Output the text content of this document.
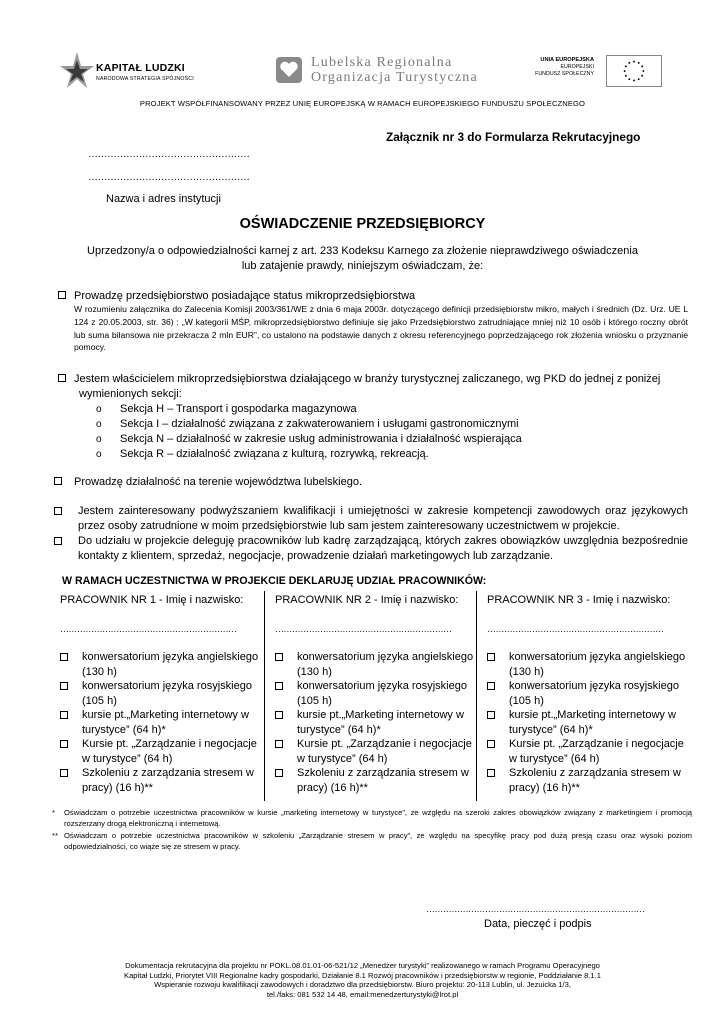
KAPITAŁ LUDZKI
NARODOWA STRATEGIA SPÓJNOŚCI
Lubelska Regionalna
Organizacja Turystyczna
UNIA EUROPEJSKA
EUROPEJSKI
FUNDUSZ SPOŁECZNY
PROJEKT WSPÓŁFINANSOWANY PRZEZ UNIĘ EUROPEJSKĄ W RAMACH EUROPEJSKIEGO FUNDUSZU SPOŁECZNEGO
Załącznik nr 3 do Formularza Rekrutacyjnego
……………………………………………
……………………………………………
Nazwa i adres instytucji
OŚWIADCZENIE PRZEDSIĘBIORCY
Uprzedzony/a o odpowiedzialności karnej z art. 233 Kodeksu Karnego za złożenie nieprawdziwego oświadczenia lub zatajenie prawdy, niniejszym oświadczam, że:
Prowadzę przedsiębiorstwo posiadające status mikroprzedsiębiorstwa
W rozumieniu załącznika do Zalecenia Komisji 2003/361/WE z dnia 6 maja 2003r. dotyczącego definicji przedsiębiorstw mikro, małych i średnich (Dz. Urz. UE L 124 z 20.05.2003, str. 36) : „W kategorii MŚP, mikroprzedsiębiorstwo definiuje się jako Przedsiębiorstwo zatrudniające mniej niż 10 osób i którego roczny obrót lub suma bilansowa nie przekracza 2 mln EUR”, co ustalono na podstawie danych z okresu referencyjnego poprzedzającego rok złożenia wniosku o przyznanie pomocy.
Jestem właścicielem mikroprzedsiębiorstwa działającego w branży turystycznej zaliczanego, wg PKD do jednej z poniżej
wymienionych sekcji:
o Sekcja H – Transport i gospodarka magazynowa
o Sekcja I – działalność związana z zakwaterowaniem i usługami gastronomicznymi
o Sekcja N – działalność w zakresie usług administrowania i działalność wspierająca
o Sekcja R – działalność związana z kulturą, rozrywką, rekreacją.
Prowadzę działalność na terenie województwa lubelskiego.
Jestem zainteresowany podwyższaniem kwalifikacji i umiejętności w zakresie kompetencji zawodowych oraz językowych przez osoby zatrudnione w moim przedsiębiorstwie lub sam jestem zainteresowany uczestnictwem w projekcie.
Do udziału w projekcie deleguję pracowników lub kadrę zarządzającą, których zakres obowiązków uwzględnia bezpośrednie kontakty z klientem, sprzedaż, negocjacje, prowadzenie działań marketingowych lub zarządzanie.
W RAMACH UCZESTNICTWA W PROJEKCIE DEKLARUJĘ UDZIAŁ PRACOWNIKÓW:
PRACOWNIK NR 1 - Imię i nazwisko:
………………………………………………………
konwersatorium języka angielskiego (130 h)
konwersatorium języka rosyjskiego (105 h)
kursie pt.„Marketing internetowy w turystyce” (64 h)*
Kursie pt. „Zarządzanie i negocjacje w turystyce” (64 h)
Szkoleniu z zarządzania stresem w pracy) (16 h)**
PRACOWNIK NR 2 - Imię i nazwisko:
………………………………………………………
konwersatorium języka angielskiego (130 h)
konwersatorium języka rosyjskiego (105 h)
kursie pt.„Marketing internetowy w turystyce” (64 h)*
Kursie pt. „Zarządzanie i negocjacje w turystyce” (64 h)
Szkoleniu z zarządzania stresem w pracy) (16 h)**
PRACOWNIK NR 3 - Imię i nazwisko:
………………………………………………………
konwersatorium języka angielskiego (130 h)
konwersatorium języka rosyjskiego (105 h)
kursie pt.„Marketing internetowy w turystyce” (64 h)*
Kursie pt. „Zarządzanie i negocjacje w turystyce” (64 h)
Szkoleniu z zarządzania stresem w pracy) (16 h)**
* Oświadczam o potrzebie uczestnictwa pracowników w kursie „marketing internetowy w turystyce”, ze względu na szeroki zakres obowiązków związany z marketingiem i promocją rozszerzany drogą elektroniczną i internetową.
** Oświadczam o potrzebie uczestnictwa pracowników w szkoleniu „Zarządzanie stresem w pracy”, ze względu na specyfikę pracy pod dużą presją czasu oraz wysoki poziom odpowiedzialności, co wiąże się ze stresem w pracy.
……………………………………………………………………
Data, pieczęć i podpis
Dokumentacja rekrutacyjna dla projektu nr POKL.08.01.01-06-521/12 „Menedżer turystyki” realizowanego w ramach Programu Operacyjnego
Kapitał Ludzki, Priorytet VIII Regionalne kadry gospodarki, Działanie 8.1 Rozwój pracowników i przedsiębiorstw w regionie, Poddziałanie 8.1.1
Wspieranie rozwoju kwalifikacji zawodowych i doradztwo dla przedsiębiorstw. Biuro projektu: 20-113 Lublin, ul. Jezuicka 1/3,
tel./faks: 081 532 14 48, email:menedzerturystyki@lrot.pl
